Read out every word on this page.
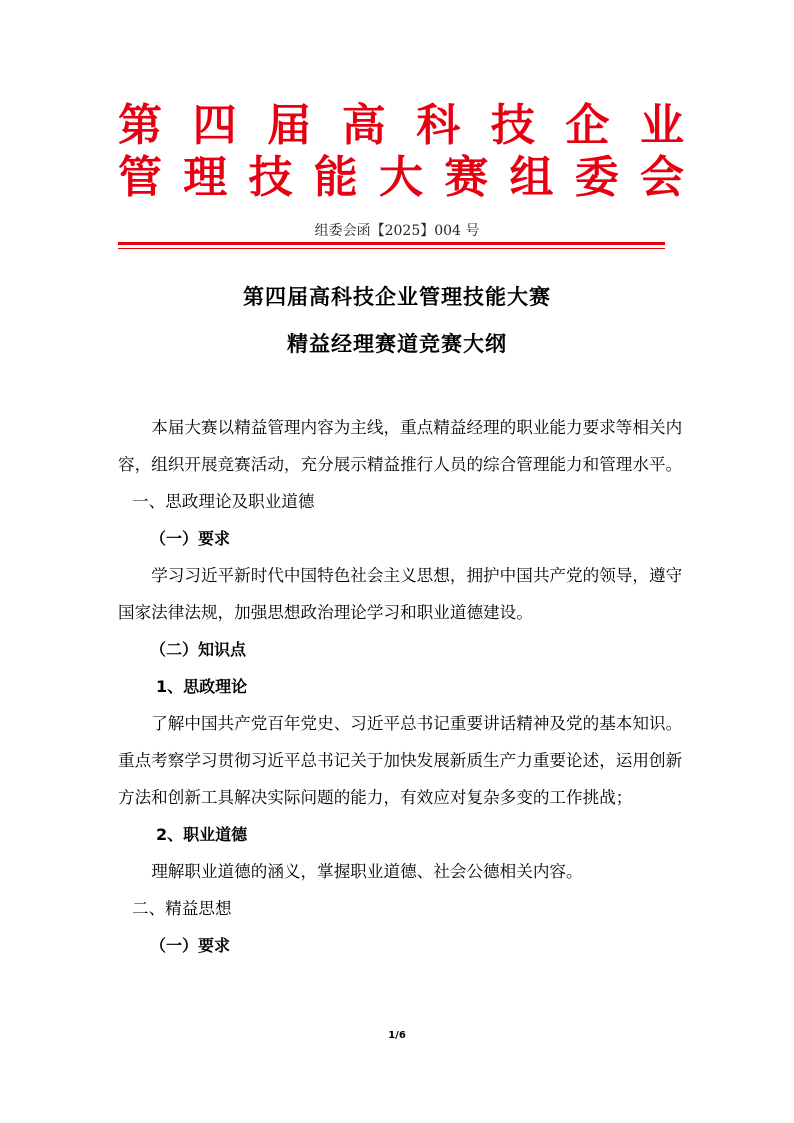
第 四 届 高 科 技 企 业
管 理 技 能 大 赛 组 委 会
组委会函【2025】004 号
第四届高科技企业管理技能大赛
精益经理赛道竞赛大纲

本届大赛以精益管理内容为主线，重点精益经理的职业能力要求等相关内容，组织开展竞赛活动，充分展示精益推行人员的综合管理能力和管理水平。

一、思政理论及职业道德

（一）要求

学习习近平新时代中国特色社会主义思想，拥护中国共产党的领导，遵守国家法律法规，加强思想政治理论学习和职业道德建设。

（二）知识点

1、思政理论

了解中国共产党百年党史、习近平总书记重要讲话精神及党的基本知识。重点考察学习贯彻习近平总书记关于加快发展新质生产力重要论述，运用创新方法和创新工具解决实际问题的能力，有效应对复杂多变的工作挑战；

2、职业道德

理解职业道德的涵义，掌握职业道德、社会公德相关内容。

二、精益思想

（一）要求

1/6
